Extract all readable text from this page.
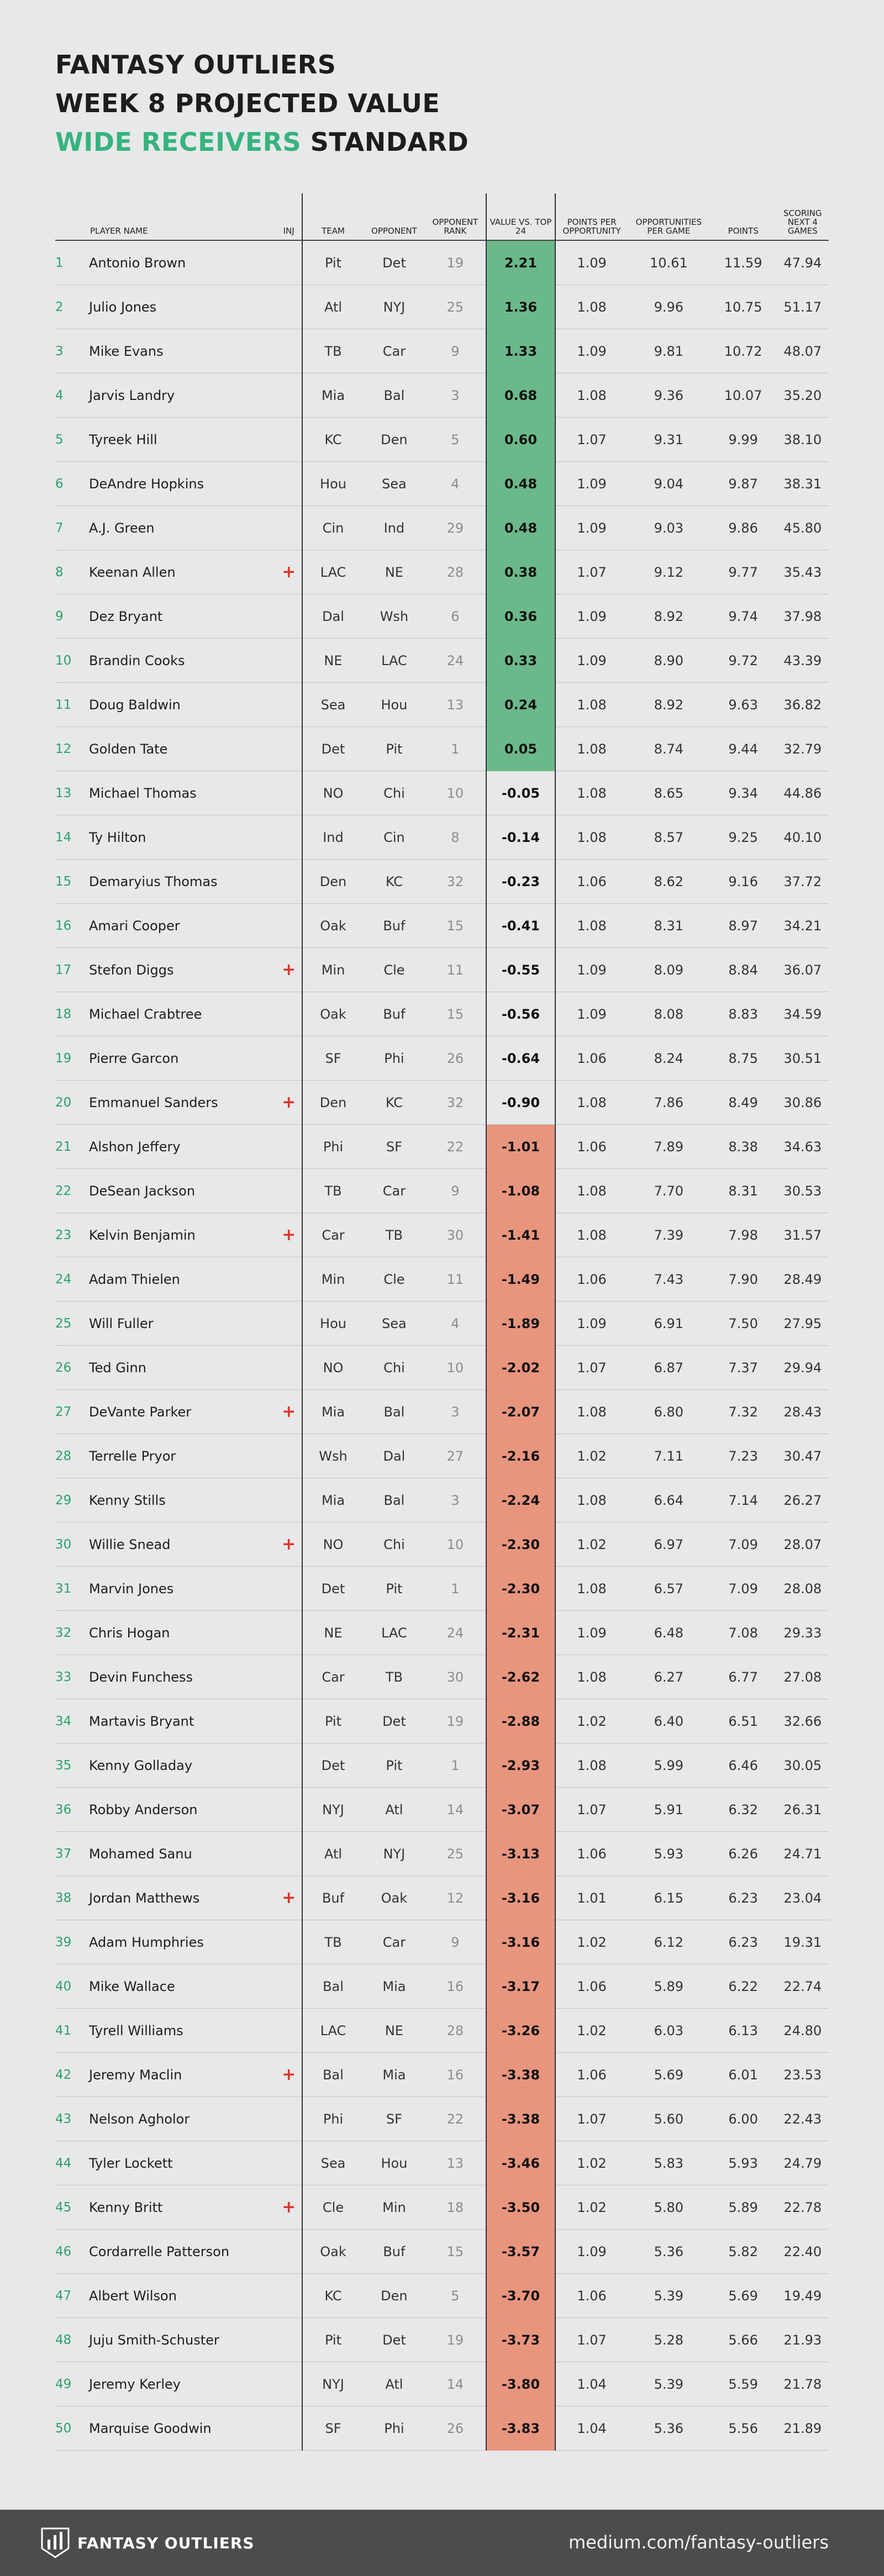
FANTASY OUTLIERS
WEEK 8 PROJECTED VALUE
WIDE RECEIVERS STANDARD
	PLAYER NAME	INJ	TEAM	OPPONENT	OPPONENT RANK	VALUE VS. TOP 24	POINTS PER OPPORTUNITY	OPPORTUNITIES PER GAME	POINTS	SCORING NEXT 4 GAMES
1	Antonio Brown		Pit	Det	19	2.21	1.09	10.61	11.59	47.94
2	Julio Jones		Atl	NYJ	25	1.36	1.08	9.96	10.75	51.17
3	Mike Evans		TB	Car	9	1.33	1.09	9.81	10.72	48.07
4	Jarvis Landry		Mia	Bal	3	0.68	1.08	9.36	10.07	35.20
5	Tyreek Hill		KC	Den	5	0.60	1.07	9.31	9.99	38.10
6	DeAndre Hopkins		Hou	Sea	4	0.48	1.09	9.04	9.87	38.31
7	A.J. Green		Cin	Ind	29	0.48	1.09	9.03	9.86	45.80
8	Keenan Allen	+	LAC	NE	28	0.38	1.07	9.12	9.77	35.43
9	Dez Bryant		Dal	Wsh	6	0.36	1.09	8.92	9.74	37.98
10	Brandin Cooks		NE	LAC	24	0.33	1.09	8.90	9.72	43.39
11	Doug Baldwin		Sea	Hou	13	0.24	1.08	8.92	9.63	36.82
12	Golden Tate		Det	Pit	1	0.05	1.08	8.74	9.44	32.79
13	Michael Thomas		NO	Chi	10	-0.05	1.08	8.65	9.34	44.86
14	Ty Hilton		Ind	Cin	8	-0.14	1.08	8.57	9.25	40.10
15	Demaryius Thomas		Den	KC	32	-0.23	1.06	8.62	9.16	37.72
16	Amari Cooper		Oak	Buf	15	-0.41	1.08	8.31	8.97	34.21
17	Stefon Diggs	+	Min	Cle	11	-0.55	1.09	8.09	8.84	36.07
18	Michael Crabtree		Oak	Buf	15	-0.56	1.09	8.08	8.83	34.59
19	Pierre Garcon		SF	Phi	26	-0.64	1.06	8.24	8.75	30.51
20	Emmanuel Sanders	+	Den	KC	32	-0.90	1.08	7.86	8.49	30.86
21	Alshon Jeffery		Phi	SF	22	-1.01	1.06	7.89	8.38	34.63
22	DeSean Jackson		TB	Car	9	-1.08	1.08	7.70	8.31	30.53
23	Kelvin Benjamin	+	Car	TB	30	-1.41	1.08	7.39	7.98	31.57
24	Adam Thielen		Min	Cle	11	-1.49	1.06	7.43	7.90	28.49
25	Will Fuller		Hou	Sea	4	-1.89	1.09	6.91	7.50	27.95
26	Ted Ginn		NO	Chi	10	-2.02	1.07	6.87	7.37	29.94
27	DeVante Parker	+	Mia	Bal	3	-2.07	1.08	6.80	7.32	28.43
28	Terrelle Pryor		Wsh	Dal	27	-2.16	1.02	7.11	7.23	30.47
29	Kenny Stills		Mia	Bal	3	-2.24	1.08	6.64	7.14	26.27
30	Willie Snead	+	NO	Chi	10	-2.30	1.02	6.97	7.09	28.07
31	Marvin Jones		Det	Pit	1	-2.30	1.08	6.57	7.09	28.08
32	Chris Hogan		NE	LAC	24	-2.31	1.09	6.48	7.08	29.33
33	Devin Funchess		Car	TB	30	-2.62	1.08	6.27	6.77	27.08
34	Martavis Bryant		Pit	Det	19	-2.88	1.02	6.40	6.51	32.66
35	Kenny Golladay		Det	Pit	1	-2.93	1.08	5.99	6.46	30.05
36	Robby Anderson		NYJ	Atl	14	-3.07	1.07	5.91	6.32	26.31
37	Mohamed Sanu		Atl	NYJ	25	-3.13	1.06	5.93	6.26	24.71
38	Jordan Matthews	+	Buf	Oak	12	-3.16	1.01	6.15	6.23	23.04
39	Adam Humphries		TB	Car	9	-3.16	1.02	6.12	6.23	19.31
40	Mike Wallace		Bal	Mia	16	-3.17	1.06	5.89	6.22	22.74
41	Tyrell Williams		LAC	NE	28	-3.26	1.02	6.03	6.13	24.80
42	Jeremy Maclin	+	Bal	Mia	16	-3.38	1.06	5.69	6.01	23.53
43	Nelson Agholor		Phi	SF	22	-3.38	1.07	5.60	6.00	22.43
44	Tyler Lockett		Sea	Hou	13	-3.46	1.02	5.83	5.93	24.79
45	Kenny Britt	+	Cle	Min	18	-3.50	1.02	5.80	5.89	22.78
46	Cordarrelle Patterson		Oak	Buf	15	-3.57	1.09	5.36	5.82	22.40
47	Albert Wilson		KC	Den	5	-3.70	1.06	5.39	5.69	19.49
48	Juju Smith-Schuster		Pit	Det	19	-3.73	1.07	5.28	5.66	21.93
49	Jeremy Kerley		NYJ	Atl	14	-3.80	1.04	5.39	5.59	21.78
50	Marquise Goodwin		SF	Phi	26	-3.83	1.04	5.36	5.56	21.89
FANTASY OUTLIERS	medium.com/fantasy-outliers
